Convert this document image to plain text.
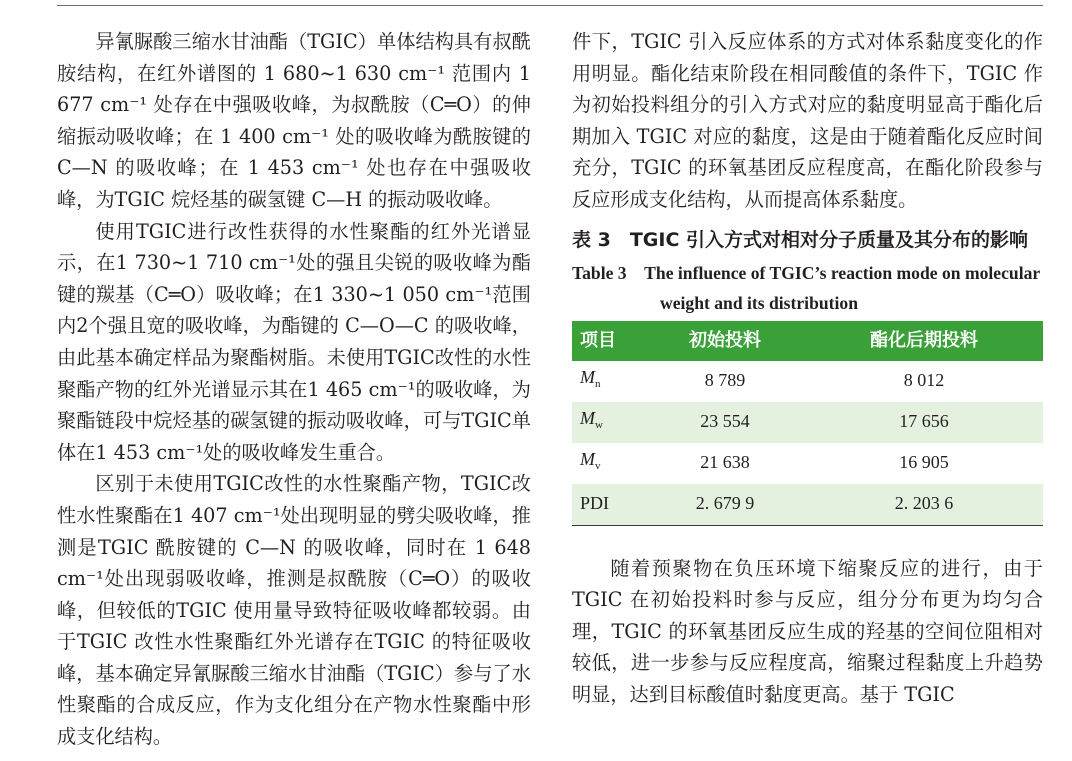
异氰脲酸三缩水甘油酯（TGIC）单体结构具有叔酰胺结构，在红外谱图的 1 680~1 630 cm⁻¹ 范围内 1 677 cm⁻¹ 处存在中强吸收峰，为叔酰胺（C═O）的伸缩振动吸收峰；在 1 400 cm⁻¹ 处的吸收峰为酰胺键的 C—N 的吸收峰；在 1 453 cm⁻¹ 处也存在中强吸收峰，为TGIC 烷烃基的碳氢键 C—H 的振动吸收峰。

使用TGIC进行改性获得的水性聚酯的红外光谱显示，在1 730~1 710 cm⁻¹处的强且尖锐的吸收峰为酯键的羰基（C═O）吸收峰；在1 330~1 050 cm⁻¹范围内2个强且宽的吸收峰，为酯键的 C—O—C 的吸收峰，由此基本确定样品为聚酯树脂。未使用TGIC改性的水性聚酯产物的红外光谱显示其在1 465 cm⁻¹的吸收峰，为聚酯链段中烷烃基的碳氢键的振动吸收峰，可与TGIC单体在1 453 cm⁻¹处的吸收峰发生重合。

区别于未使用TGIC改性的水性聚酯产物，TGIC改性水性聚酯在1 407 cm⁻¹处出现明显的劈尖吸收峰，推测是TGIC 酰胺键的 C—N 的吸收峰，同时在 1 648 cm⁻¹处出现弱吸收峰，推测是叔酰胺（C═O）的吸收峰，但较低的TGIC 使用量导致特征吸收峰都较弱。由于TGIC 改性水性聚酯红外光谱存在TGIC 的特征吸收峰，基本确定异氰脲酸三缩水甘油酯（TGIC）参与了水性聚酯的合成反应，作为支化组分在产物水性聚酯中形成支化结构。

件下，TGIC 引入反应体系的方式对体系黏度变化的作用明显。酯化结束阶段在相同酸值的条件下，TGIC 作为初始投料组分的引入方式对应的黏度明显高于酯化后期加入 TGIC 对应的黏度，这是由于随着酯化反应时间充分，TGIC 的环氧基团反应程度高，在酯化阶段参与反应形成支化结构，从而提高体系黏度。

表 3　TGIC 引入方式对相对分子质量及其分布的影响

Table 3　The influence of TGIC’s reaction mode on molecular weight and its distribution

项目	初始投料	酯化后期投料
$M_n$	8 789	8 012
$M_w$	23 554	17 656
$M_v$	21 638	16 905
PDI	2. 679 9	2. 203 6

随着预聚物在负压环境下缩聚反应的进行，由于TGIC 在初始投料时参与反应，组分分布更为均匀合理，TGIC 的环氧基团反应生成的羟基的空间位阻相对较低，进一步参与反应程度高，缩聚过程黏度上升趋势明显，达到目标酸值时黏度更高。基于 TGIC
